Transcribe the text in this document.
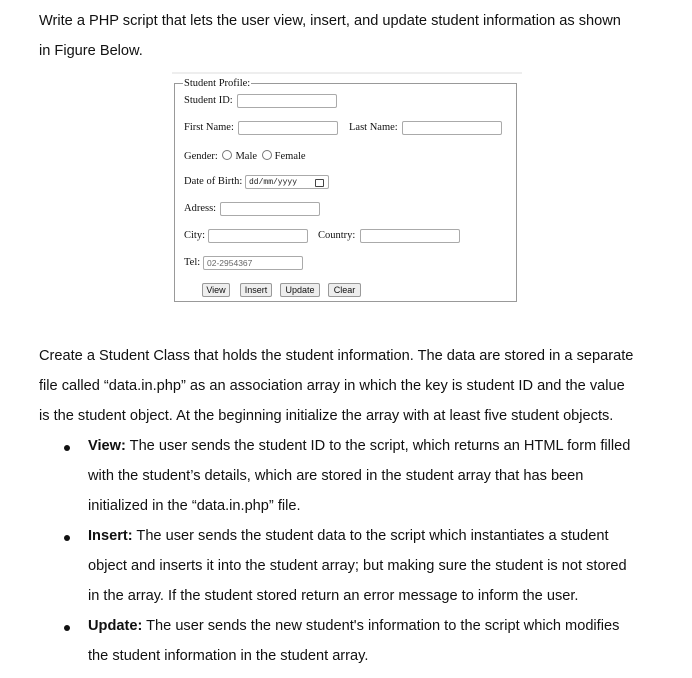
Write a PHP script that lets the user view, insert, and update student information as shown
in Figure Below.
Student Profile:
Student ID:
First Name:	Last Name:
Gender: Male Female
Date of Birth: dd/mm/yyyy
Adress:
City:	Country:
Tel: 02-2954367
View	Insert	Update	Clear
Create a Student Class that holds the student information. The data are stored in a separate
file called “data.in.php” as an association array in which the key is student ID and the value
is the student object. At the beginning initialize the array with at least five student objects.
View: The user sends the student ID to the script, which returns an HTML form filled
with the student’s details, which are stored in the student array that has been
initialized in the “data.in.php” file.
Insert: The user sends the student data to the script which instantiates a student
object and inserts it into the student array; but making sure the student is not stored
in the array. If the student stored return an error message to inform the user.
Update: The user sends the new student's information to the script which modifies
the student information in the student array.
